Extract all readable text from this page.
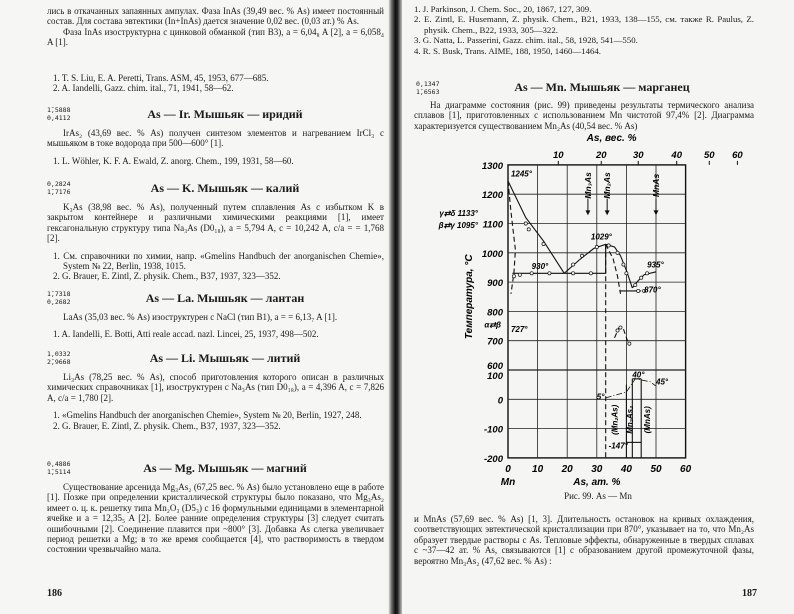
лись в откачанных запаянных ампулах. Фаза InAs (39,49 вес. % As) имеет постоянный состав. Для состава эвтектики (In+InAs) дается значение 0,02 вес. (0,03 ат.) % As.
Фаза InAs изоструктурна с цинковой обманкой (тип B3), a = 6,04₈ A [2], a = 6,058₄ A [1].
1. T. S. Liu, E. A. Peretti, Trans. ASM, 45, 1953, 677—685.
2. A. Iandelli, Gazz. chim. ital., 71, 1941, 58—62.
1̄,5888
0,4112	As — Ir. Мышьяк — иридий
IrAs₂ (43,69 вес. % As) получен синтезом элементов и нагреванием IrCl₃ с мышьяком в токе водорода при 500—600° [1].
1. L. Wöhler, K. F. A. Ewald, Z. anorg. Chem., 199, 1931, 58—60.
0,2824
1̄,7176	As — K. Мышьяк — калий
K₃As (38,98 вес. % As), полученный путем сплавления As с избытком K в закрытом контейнере и различными химическими реакциями [1], имеет гексагональную структуру типа Na₃As (D0₁₈), a = 5,794 A, c = 10,242 A, c/a = = 1,768 [2].
1. См. справочники по химии, напр. «Gmelins Handbuch der anorganischen Chemie», System № 22, Berlin, 1938, 1015.
2. G. Brauer, E. Zintl, Z. physik. Chem., B37, 1937, 323—352.
1̄,7318
0,2682	As — La. Мышьяк — лантан
LaAs (35,03 вес. % As) изоструктурен с NaCl (тип B1), a = = 6,13₇ A [1].
1. A. Iandelli, E. Botti, Atti reale accad. nazl. Lincei, 25, 1937, 498—502.
1,0332
2̄,9668	As — Li. Мышьяк — литий
Li₃As (78,25 вес. % As), способ приготовления которого описан в различных химических справочниках [1], изоструктурен с Na₃As (тип D0₁₈), a = 4,396 A, c = 7,826 A, c/a = 1,780 [2].
1. «Gmelins Handbuch der anorganischen Chemie», System № 20, Berlin, 1927, 248.
2. G. Brauer, E. Zintl, Z. physik. Chem., B37, 1937, 323—352.
0,4886
1̄,5114	As — Mg. Мышьяк — магний
Существование арсенида Mg₃As₂ (67,25 вес. % As) было установлено еще в работе [1]. Позже при определении кристаллической структуры было показано, что Mg₃As₂ имеет о. ц. к. решетку типа Mn₂O₃ (D5₃) с 16 формульными единицами в элементарной ячейке и a = 12,35₅ A [2]. Более ранние определения структуры [3] следует считать ошибочными [2]. Соединение плавится при ~800° [3]. Добавка As слегка увеличвает период решетки a Mg; в то же время сообщается [4], что растворимость в твердом состоянии чрезвычайно мала.
186
1. J. Parkinson, J. Chem. Soc., 20, 1867, 127, 309.
2. E. Zintl, E. Husemann, Z. physik. Chem., B21, 1933, 138—155, см. также R. Paulus, Z. physik. Chem., B22, 1933, 305—322.
3. G. Natta, L. Passerini, Gazz. chim. ital., 58, 1928, 541—550.
4. R. S. Busk, Trans. AIME, 188, 1950, 1460—1464.
0,1347
1̄,6563	As — Mn. Мышьяк — марганец
На диаграмме состояния (рис. 99) приведены результаты термического анализа сплавов [1], приготовленных с использованием Mn чистотой 97,4% [2]. Диаграмма характеризуется существованием Mn₂As (40,54 вес. % As)
0 10 20 30 40 50 60
1300
1200
1100
1000
900
800
700
600
100
0
-100
-200
Mn	As, ат. %
Температура, °C
As, вес. %
10	20	30	40 50 60
1245°
930°
1029°
935°
870°
727°
5°
40°
45°
-147°
γ⇄δ 1133°
β⇄γ 1095°
α⇄β
Mn₃As Mn₂As	MnAs
(Mn₂As) Mn₃As₂ (MnAs)
Рис. 99. As — Mn
и MnAs (57,69 вес. % As) [1, 3]. Длительность остановок на кривых охлаждения, соответствующих эвтектической кристаллизации при 870°, указывает на то, что Mn₂As образует твердые растворы с As. Тепловые эффекты, обнаруженные в твердых сплавах с ~37—42 ат. % As, связываются [1] с образованием другой промежуточной фазы, вероятно Mn₃As₂ (47,62 вес. % As) :
187
